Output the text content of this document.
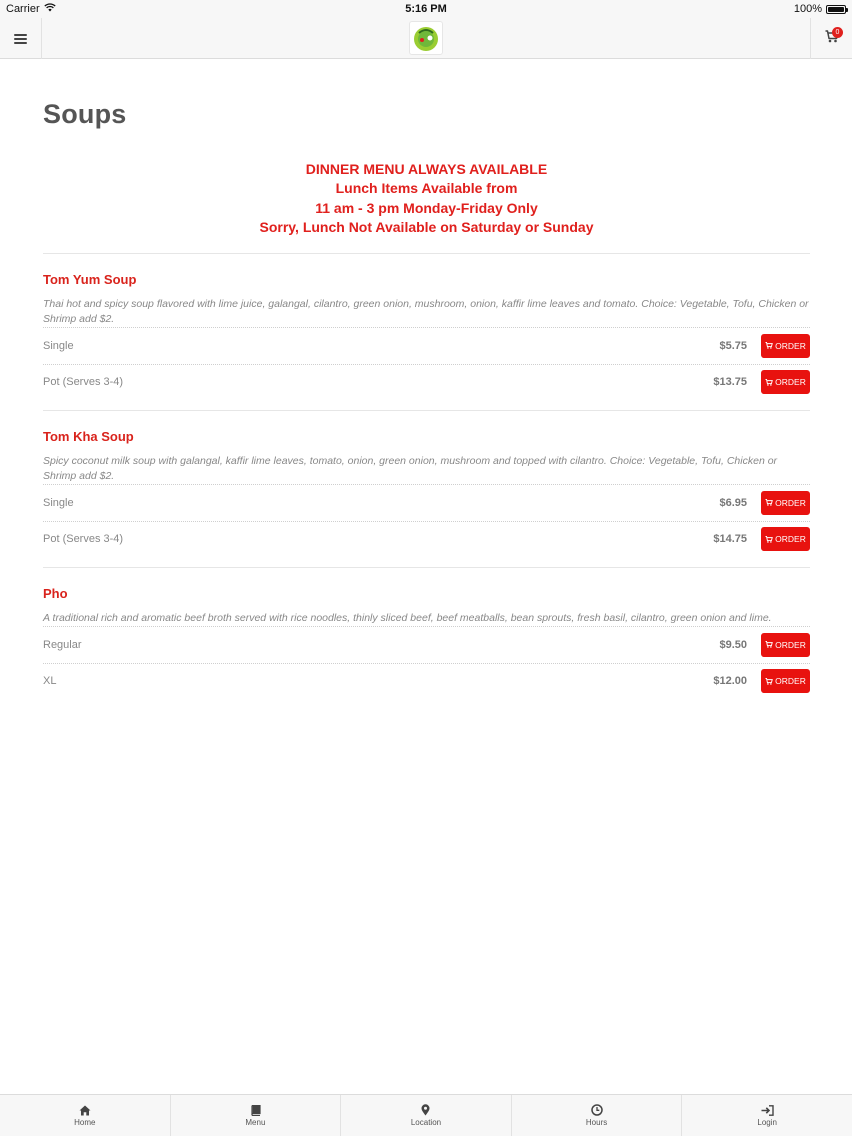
Carrier	5:16 PM	100%
0
Soups
DINNER MENU ALWAYS AVAILABLE
Lunch Items Available from
11 am - 3 pm Monday-Friday Only
Sorry, Lunch Not Available on Saturday or Sunday
Tom Yum Soup
Thai hot and spicy soup flavored with lime juice, galangal, cilantro, green onion, mushroom, onion, kaffir lime leaves and tomato. Choice: Vegetable, Tofu, Chicken or Shrimp add $2.
Single	$5.75	ORDER
Pot (Serves 3-4)	$13.75	ORDER
Tom Kha Soup
Spicy coconut milk soup with galangal, kaffir lime leaves, tomato, onion, green onion, mushroom and topped with cilantro. Choice: Vegetable, Tofu, Chicken or Shrimp add $2.
Single	$6.95	ORDER
Pot (Serves 3-4)	$14.75	ORDER
Pho
A traditional rich and aromatic beef broth served with rice noodles, thinly sliced beef, beef meatballs, bean sprouts, fresh basil, cilantro, green onion and lime.
Regular	$9.50	ORDER
XL	$12.00	ORDER
Home	Menu	Location	Hours	Login
